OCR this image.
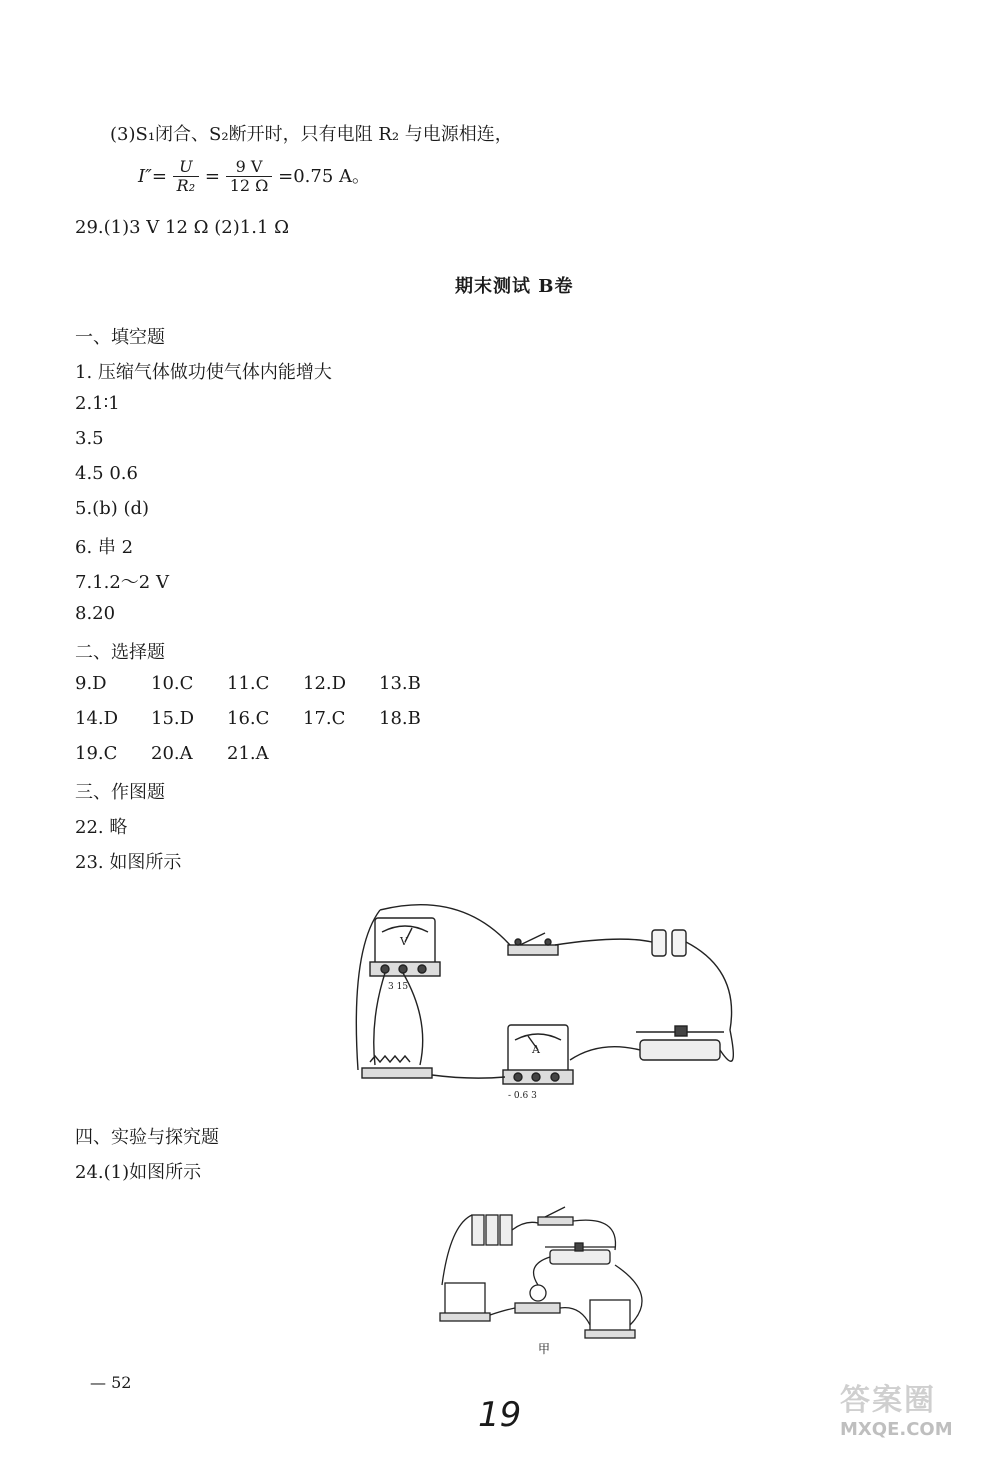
(3)S₁闭合、S₂断开时，只有电阻 R₂ 与电源相连，
$I''= \frac{U}{\text{R₂}} = \frac{9 V}{12 \Omega} =0.75$ A。
29.(1)3 V 12 Ω (2)1.1 Ω
期末测试 B卷
一、填空题
1. 压缩气体做功使气体内能增大
2.1∶1
3.5
4.5 0.6
5.(b) (d)
6. 串 2
7.1.2～2 V
8.20
二、选择题
9.D 10.C 11.C 12.D 13.B
14.D 15.D 16.C 17.C 18.B
19.C 20.A 21.A
三、作图题
22. 略
23. 如图所示
V
3 15
A
- 0.6 3
四、实验与探究题
24.(1)如图所示
甲
— 52
19	答案圈
MXQE.COM
